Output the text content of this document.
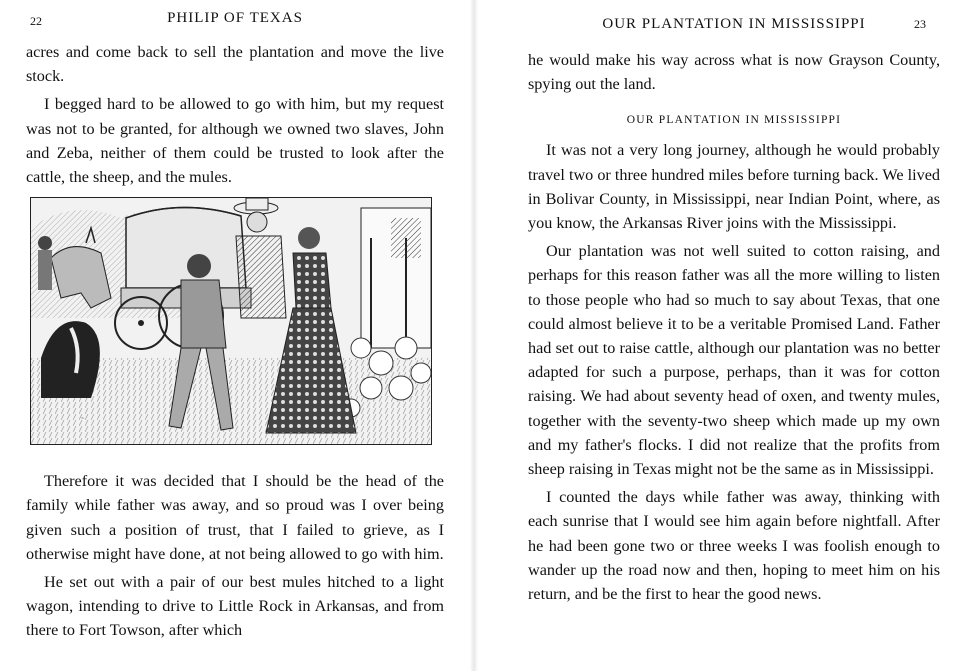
22	PHILIP OF TEXAS

acres and come back to sell the plantation and move the live stock.

I begged hard to be allowed to go with him, but my request was not to be granted, for although we owned two slaves, John and Zeba, neither of them could be trusted to look after the cattle, the sheep, and the mules.

~

Therefore it was decided that I should be the head of the family while father was away, and so proud was I over being given such a position of trust, that I failed to grieve, as I otherwise might have done, at not being allowed to go with him.

He set out with a pair of our best mules hitched to a light wagon, intending to drive to Little Rock in Arkansas, and from there to Fort Towson, after which

OUR PLANTATION IN MISSISSIPPI	23

he would make his way across what is now Grayson County, spying out the land.

OUR PLANTATION IN MISSISSIPPI

It was not a very long journey, although he would probably travel two or three hundred miles before turning back. We lived in Bolivar County, in Mississippi, near Indian Point, where, as you know, the Arkansas River joins with the Mississippi.

Our plantation was not well suited to cotton raising, and perhaps for this reason father was all the more willing to listen to those people who had so much to say about Texas, that one could almost believe it to be a veritable Promised Land. Father had set out to raise cattle, although our plantation was no better adapted for such a purpose, perhaps, than it was for cotton raising. We had about seventy head of oxen, and twenty mules, together with the seventy-two sheep which made up my own and my father's flocks. I did not realize that the profits from sheep raising in Texas might not be the same as in Mississippi.

I counted the days while father was away, thinking with each sunrise that I would see him again before nightfall. After he had been gone two or three weeks I was foolish enough to wander up the road now and then, hoping to meet him on his return, and be the first to hear the good news.
